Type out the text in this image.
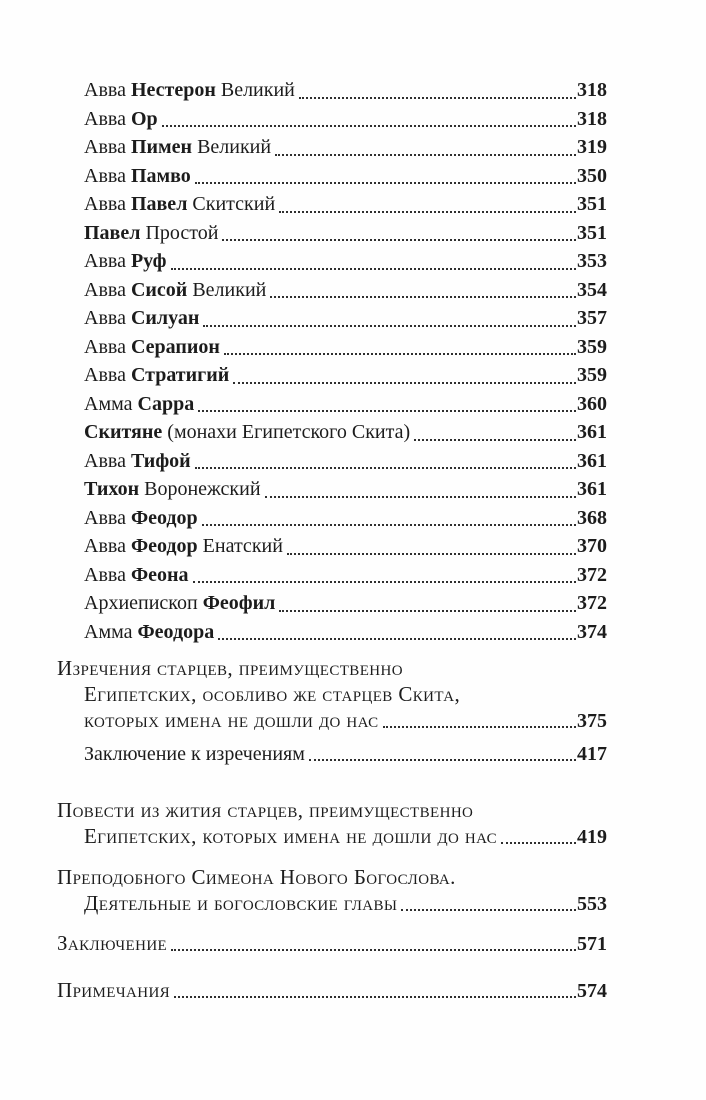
Авва Нестерон Великий	318
Авва Ор	318
Авва Пимен Великий	319
Авва Памво	350
Авва Павел Скитский	351
Павел Простой	351
Авва Руф	353
Авва Сисой Великий	354
Авва Силуан	357
Авва Серапион	359
Авва Стратигий	359
Амма Сарра	360
Скитяне (монахи Египетского Скита)	361
Авва Тифой	361
Тихон Воронежский	361
Авва Феодор	368
Авва Феодор Енатский	370
Авва Феона	372
Архиепископ Феофил	372
Амма Феодора	374
Изречения старцев, преимущественно
Египетских, особливо же старцев Скита,
которых имена не дошли до нас	375
Заключение к изречениям	417
Повести из жития старцев, преимущественно
Египетских, которых имена не дошли до нас	419
Преподобного Симеона Нового Богослова.
Деятельные и богословские главы	553
Заключение	571
Примечания	574
